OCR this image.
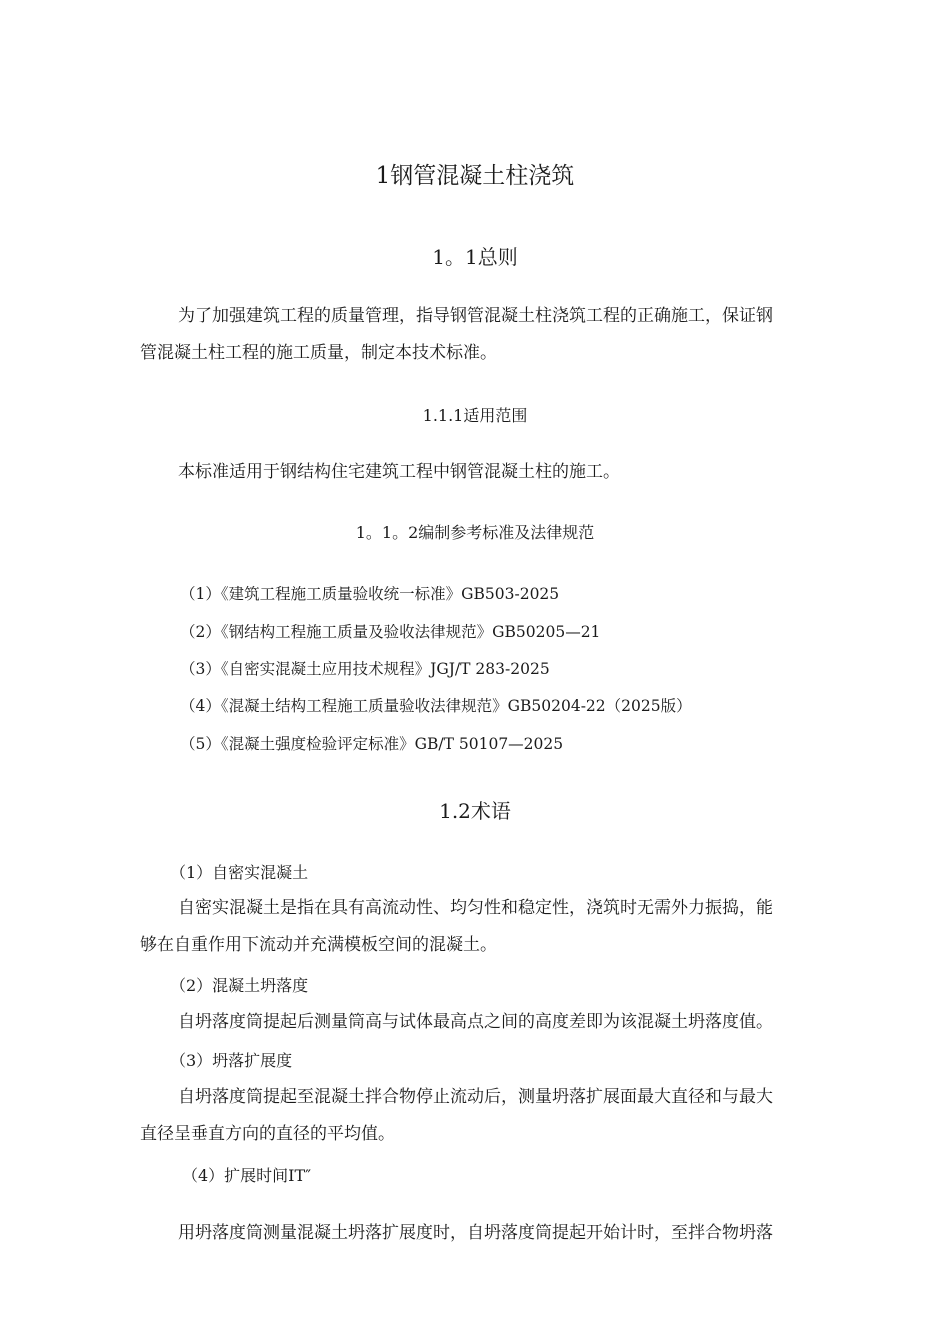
1钢管混凝土柱浇筑
1。1总则

为了加强建筑工程的质量管理，指导钢管混凝土柱浇筑工程的正确施工，保证钢

管混凝土柱工程的施工质量，制定本技术标准。

1.1.1适用范围

本标准适用于钢结构住宅建筑工程中钢管混凝土柱的施工。

1。1。2编制参考标准及法律规范

（1）《建筑工程施工质量验收统一标准》GB503-2025

（2）《钢结构工程施工质量及验收法律规范》GB50205—21

（3）《自密实混凝土应用技术规程》JGJ/T 283-2025

（4）《混凝土结构工程施工质量验收法律规范》GB50204-22（2025版）

（5）《混凝土强度检验评定标准》GB/T 50107—2025

1.2术语

（1）自密实混凝土

自密实混凝土是指在具有高流动性、均匀性和稳定性，浇筑时无需外力振捣，能

够在自重作用下流动并充满模板空间的混凝土。

（2）混凝土坍落度

自坍落度筒提起后测量筒高与试体最高点之间的高度差即为该混凝土坍落度值。

（3）坍落扩展度

自坍落度筒提起至混凝土拌合物停止流动后，测量坍落扩展面最大直径和与最大

直径呈垂直方向的直径的平均值。

（4）扩展时间IT″

用坍落度筒测量混凝土坍落扩展度时，自坍落度筒提起开始计时，至拌合物坍落
